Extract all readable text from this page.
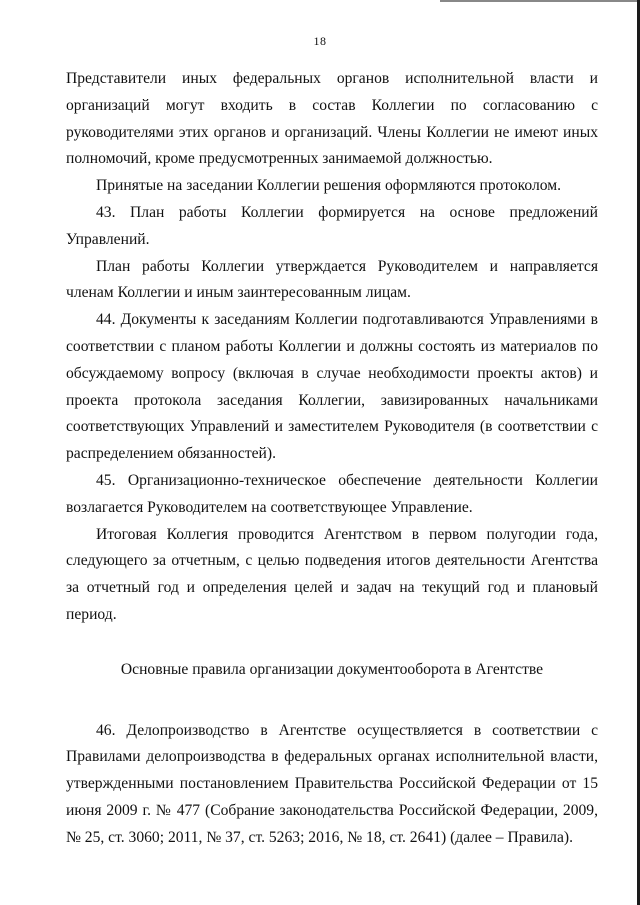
18

Представители иных федеральных органов исполнительной власти и организаций могут входить в состав Коллегии по согласованию с руководителями этих органов и организаций. Члены Коллегии не имеют иных полномочий, кроме предусмотренных занимаемой должностью.

Принятые на заседании Коллегии решения оформляются протоколом.

43. План работы Коллегии формируется на основе предложений Управлений.

План работы Коллегии утверждается Руководителем и направляется членам Коллегии и иным заинтересованным лицам.

44. Документы к заседаниям Коллегии подготавливаются Управлениями в соответствии с планом работы Коллегии и должны состоять из материалов по обсуждаемому вопросу (включая в случае необходимости проекты актов) и проекта протокола заседания Коллегии, завизированных начальниками соответствующих Управлений и заместителем Руководителя (в соответствии с распределением обязанностей).

45. Организационно-техническое обеспечение деятельности Коллегии возлагается Руководителем на соответствующее Управление.

Итоговая Коллегия проводится Агентством в первом полугодии года, следующего за отчетным, с целью подведения итогов деятельности Агентства за отчетный год и определения целей и задач на текущий год и плановый период.

Основные правила организации документооборота в Агентстве

46. Делопроизводство в Агентстве осуществляется в соответствии с Правилами делопроизводства в федеральных органах исполнительной власти, утвержденными постановлением Правительства Российской Федерации от 15 июня 2009 г. № 477 (Собрание законодательства Российской Федерации, 2009, № 25, ст. 3060; 2011, № 37, ст. 5263; 2016, № 18, ст. 2641) (далее – Правила).
